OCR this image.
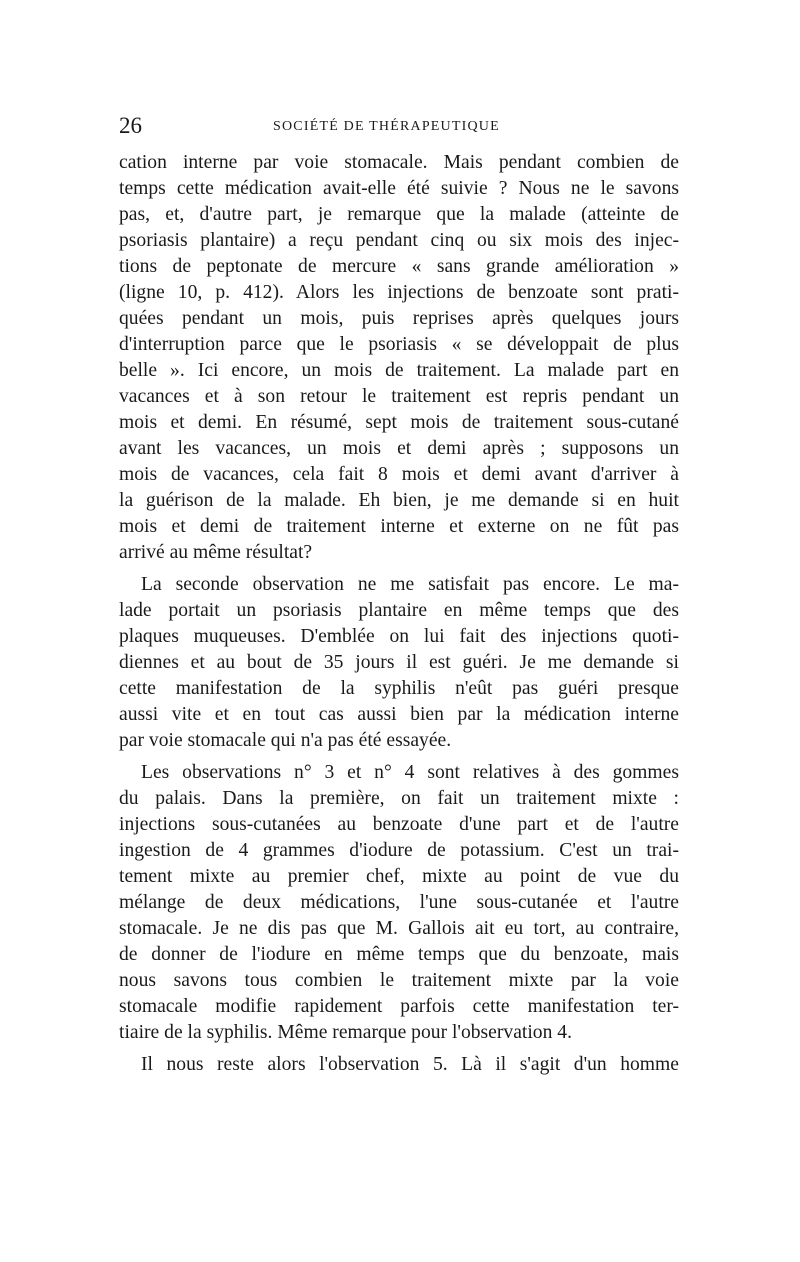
26	SOCIÉTÉ DE THÉRAPEUTIQUE
cation interne par voie stomacale. Mais pendant combien de
temps cette médication avait-elle été suivie ? Nous ne le savons
pas, et, d'autre part, je remarque que la malade (atteinte de
psoriasis plantaire) a reçu pendant cinq ou six mois des injec-
tions de peptonate de mercure « sans grande amélioration »
(ligne 10, p. 412). Alors les injections de benzoate sont prati-
quées pendant un mois, puis reprises après quelques jours
d'interruption parce que le psoriasis « se développait de plus
belle ». Ici encore, un mois de traitement. La malade part en
vacances et à son retour le traitement est repris pendant un
mois et demi. En résumé, sept mois de traitement sous-cutané
avant les vacances, un mois et demi après ; supposons un
mois de vacances, cela fait 8 mois et demi avant d'arriver à
la guérison de la malade. Eh bien, je me demande si en huit
mois et demi de traitement interne et externe on ne fût pas
arrivé au même résultat?
La seconde observation ne me satisfait pas encore. Le ma-
lade portait un psoriasis plantaire en même temps que des
plaques muqueuses. D'emblée on lui fait des injections quoti-
diennes et au bout de 35 jours il est guéri. Je me demande si
cette manifestation de la syphilis n'eût pas guéri presque
aussi vite et en tout cas aussi bien par la médication interne
par voie stomacale qui n'a pas été essayée.
Les observations n° 3 et n° 4 sont relatives à des gommes
du palais. Dans la première, on fait un traitement mixte :
injections sous-cutanées au benzoate d'une part et de l'autre
ingestion de 4 grammes d'iodure de potassium. C'est un trai-
tement mixte au premier chef, mixte au point de vue du
mélange de deux médications, l'une sous-cutanée et l'autre
stomacale. Je ne dis pas que M. Gallois ait eu tort, au contraire,
de donner de l'iodure en même temps que du benzoate, mais
nous savons tous combien le traitement mixte par la voie
stomacale modifie rapidement parfois cette manifestation ter-
tiaire de la syphilis. Même remarque pour l'observation 4.
Il nous reste alors l'observation 5. Là il s'agit d'un homme
